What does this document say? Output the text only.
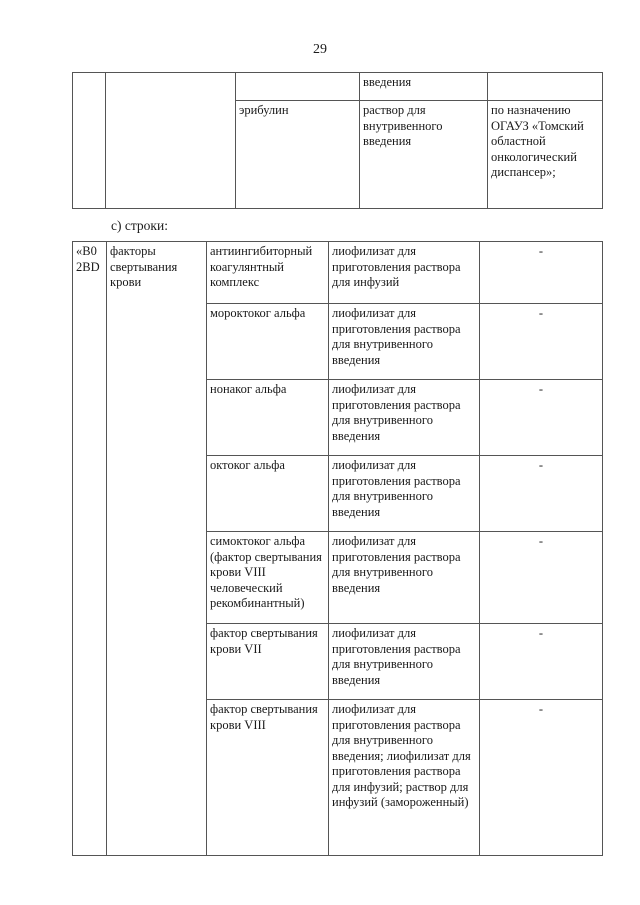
29
			введения	
		эрибулин	раствор для внутривенного введения	по назначению ОГАУЗ «Томский областной онкологический диспансер»;
с) строки:
«B0 2BD	факторы свертывания крови	антиингибиторный коагулянтный комплекс	лиофилизат для приготовления раствора для инфузий	-
		мороктоког альфа	лиофилизат для приготовления раствора для внутривенного введения	-
		нонаког альфа	лиофилизат для приготовления раствора для внутривенного введения	-
		октоког альфа	лиофилизат для приготовления раствора для внутривенного введения	-
		симоктоког альфа (фактор свертывания крови VIII человеческий рекомбинантный)	лиофилизат для приготовления раствора для внутривенного введения	-
		фактор свертывания крови VII	лиофилизат для приготовления раствора для внутривенного введения	-
		фактор свертывания крови VIII	лиофилизат для приготовления раствора для внутривенного введения; лиофилизат для приготовления раствора для инфузий; раствор для инфузий (замороженный)	-
